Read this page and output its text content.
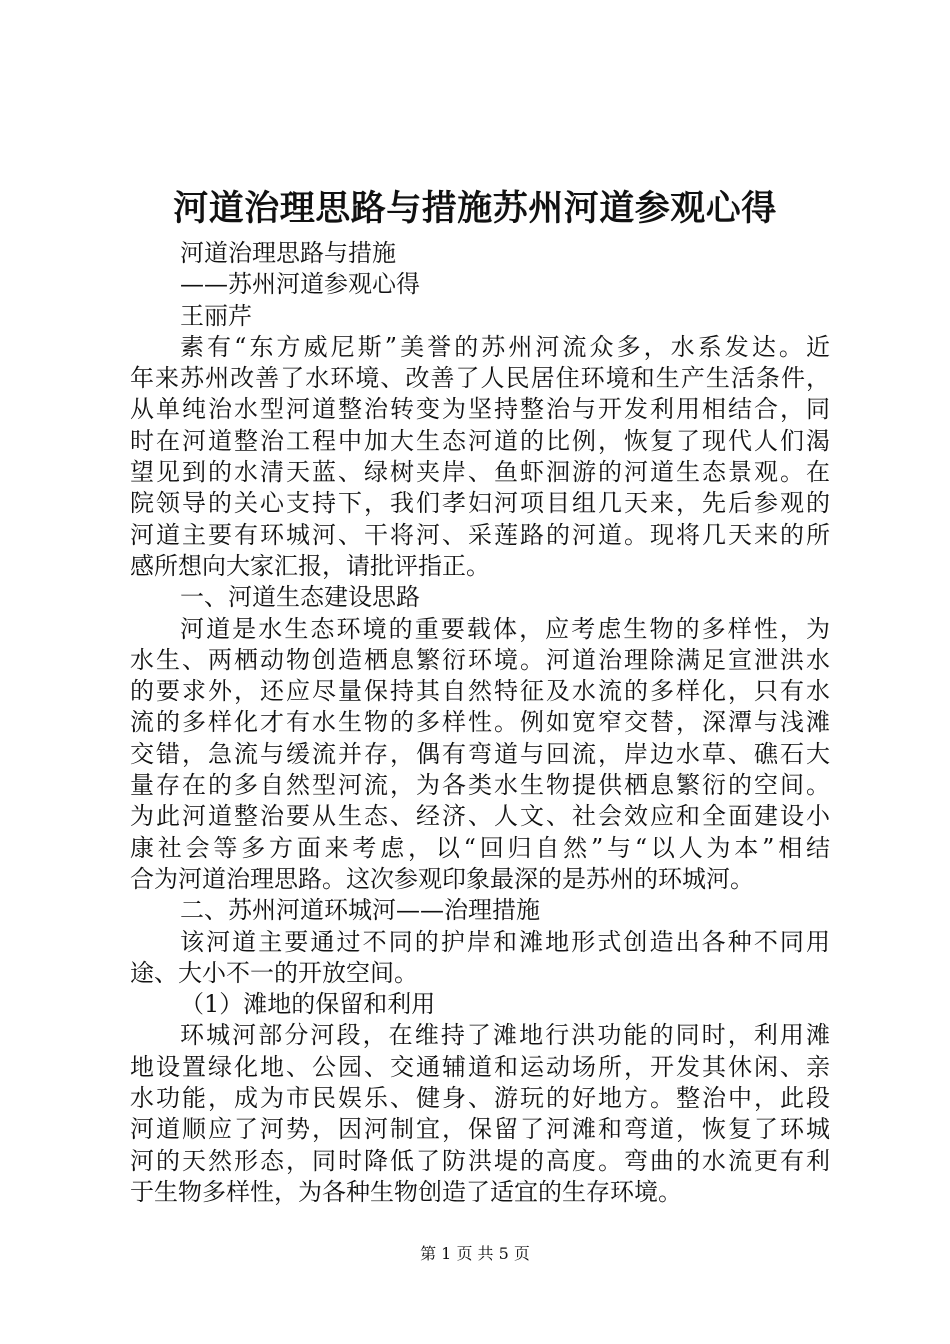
河道治理思路与措施苏州河道参观心得
河道治理思路与措施
——苏州河道参观心得
王丽芹
素有“东方威尼斯”美誉的苏州河流众多，水系发达。近
年来苏州改善了水环境、改善了人民居住环境和生产生活条件，
从单纯治水型河道整治转变为坚持整治与开发利用相结合，同
时在河道整治工程中加大生态河道的比例，恢复了现代人们渴
望见到的水清天蓝、绿树夹岸、鱼虾洄游的河道生态景观。在
院领导的关心支持下，我们孝妇河项目组几天来，先后参观的
河道主要有环城河、干将河、采莲路的河道。现将几天来的所
感所想向大家汇报，请批评指正。
一、河道生态建设思路
河道是水生态环境的重要载体，应考虑生物的多样性，为
水生、两栖动物创造栖息繁衍环境。河道治理除满足宣泄洪水
的要求外，还应尽量保持其自然特征及水流的多样化，只有水
流的多样化才有水生物的多样性。例如宽窄交替，深潭与浅滩
交错，急流与缓流并存，偶有弯道与回流，岸边水草、礁石大
量存在的多自然型河流，为各类水生物提供栖息繁衍的空间。
为此河道整治要从生态、经济、人文、社会效应和全面建设小
康社会等多方面来考虑，以“回归自然”与“以人为本”相结
合为河道治理思路。这次参观印象最深的是苏州的环城河。
二、苏州河道环城河——治理措施
该河道主要通过不同的护岸和滩地形式创造出各种不同用
途、大小不一的开放空间。
（1）滩地的保留和利用
环城河部分河段，在维持了滩地行洪功能的同时，利用滩
地设置绿化地、公园、交通辅道和运动场所，开发其休闲、亲
水功能，成为市民娱乐、健身、游玩的好地方。整治中，此段
河道顺应了河势，因河制宜，保留了河滩和弯道，恢复了环城
河的天然形态，同时降低了防洪堤的高度。弯曲的水流更有利
于生物多样性，为各种生物创造了适宜的生存环境。
第 1 页 共 5 页
